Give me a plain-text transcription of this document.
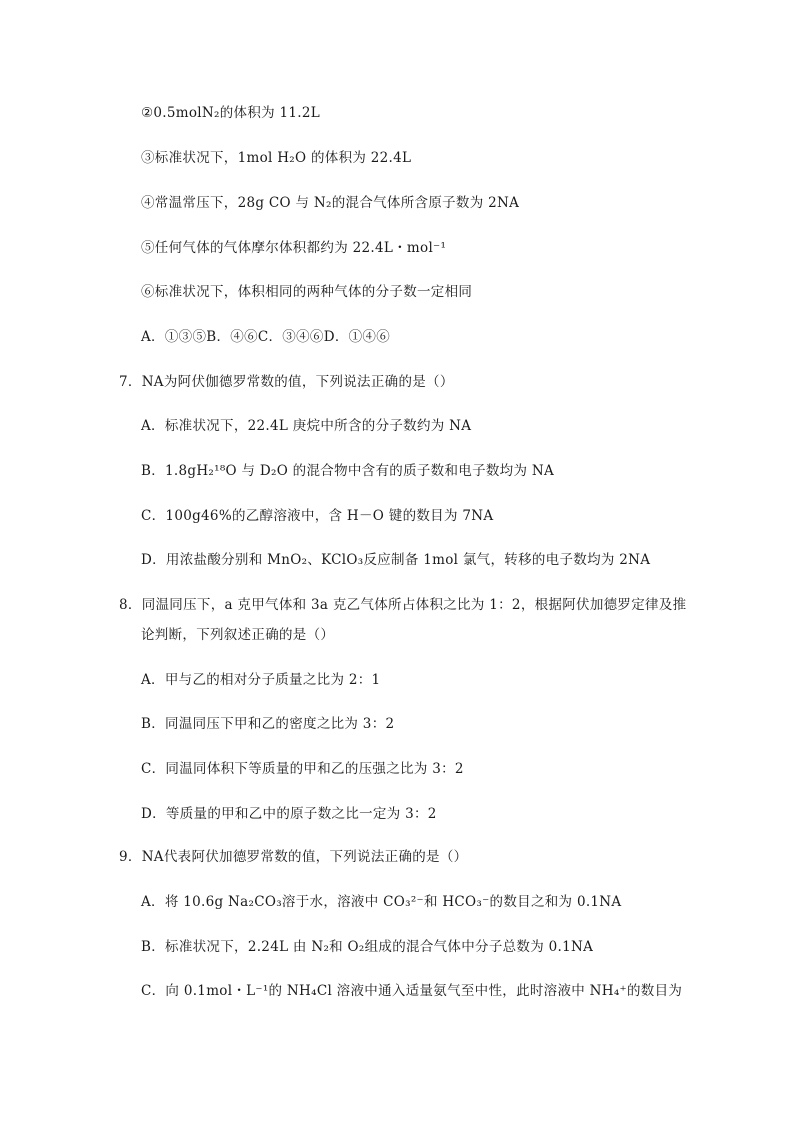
②0.5molN₂的体积为 11.2L
③标准状况下，1mol H₂O 的体积为 22.4L
④常温常压下，28g CO 与 N₂的混合气体所含原子数为 2NA
⑤任何气体的气体摩尔体积都约为 22.4L・mol⁻¹
⑥标准状况下，体积相同的两种气体的分子数一定相同
A．①③⑤B．④⑥C．③④⑥D．①④⑥
7．NA为阿伏伽德罗常数的值，下列说法正确的是（）
A．标准状况下，22.4L 庚烷中所含的分子数约为 NA
B．1.8gH₂¹⁸O 与 D₂O 的混合物中含有的质子数和电子数均为 NA
C．100g46%的乙醇溶液中，含 H－O 键的数目为 7NA
D．用浓盐酸分别和 MnO₂、KClO₃反应制备 1mol 氯气，转移的电子数均为 2NA
8．同温同压下，a 克甲气体和 3a 克乙气体所占体积之比为 1：2，根据阿伏加德罗定律及推
论判断，下列叙述正确的是（）
A．甲与乙的相对分子质量之比为 2：1
B．同温同压下甲和乙的密度之比为 3：2
C．同温同体积下等质量的甲和乙的压强之比为 3：2
D．等质量的甲和乙中的原子数之比一定为 3：2
9．NA代表阿伏加德罗常数的值，下列说法正确的是（）
A．将 10.6g Na₂CO₃溶于水，溶液中 CO₃²⁻和 HCO₃⁻的数目之和为 0.1NA
B．标准状况下，2.24L 由 N₂和 O₂组成的混合气体中分子总数为 0.1NA
C．向 0.1mol・L⁻¹的 NH₄Cl 溶液中通入适量氨气至中性，此时溶液中 NH₄⁺的数目为
